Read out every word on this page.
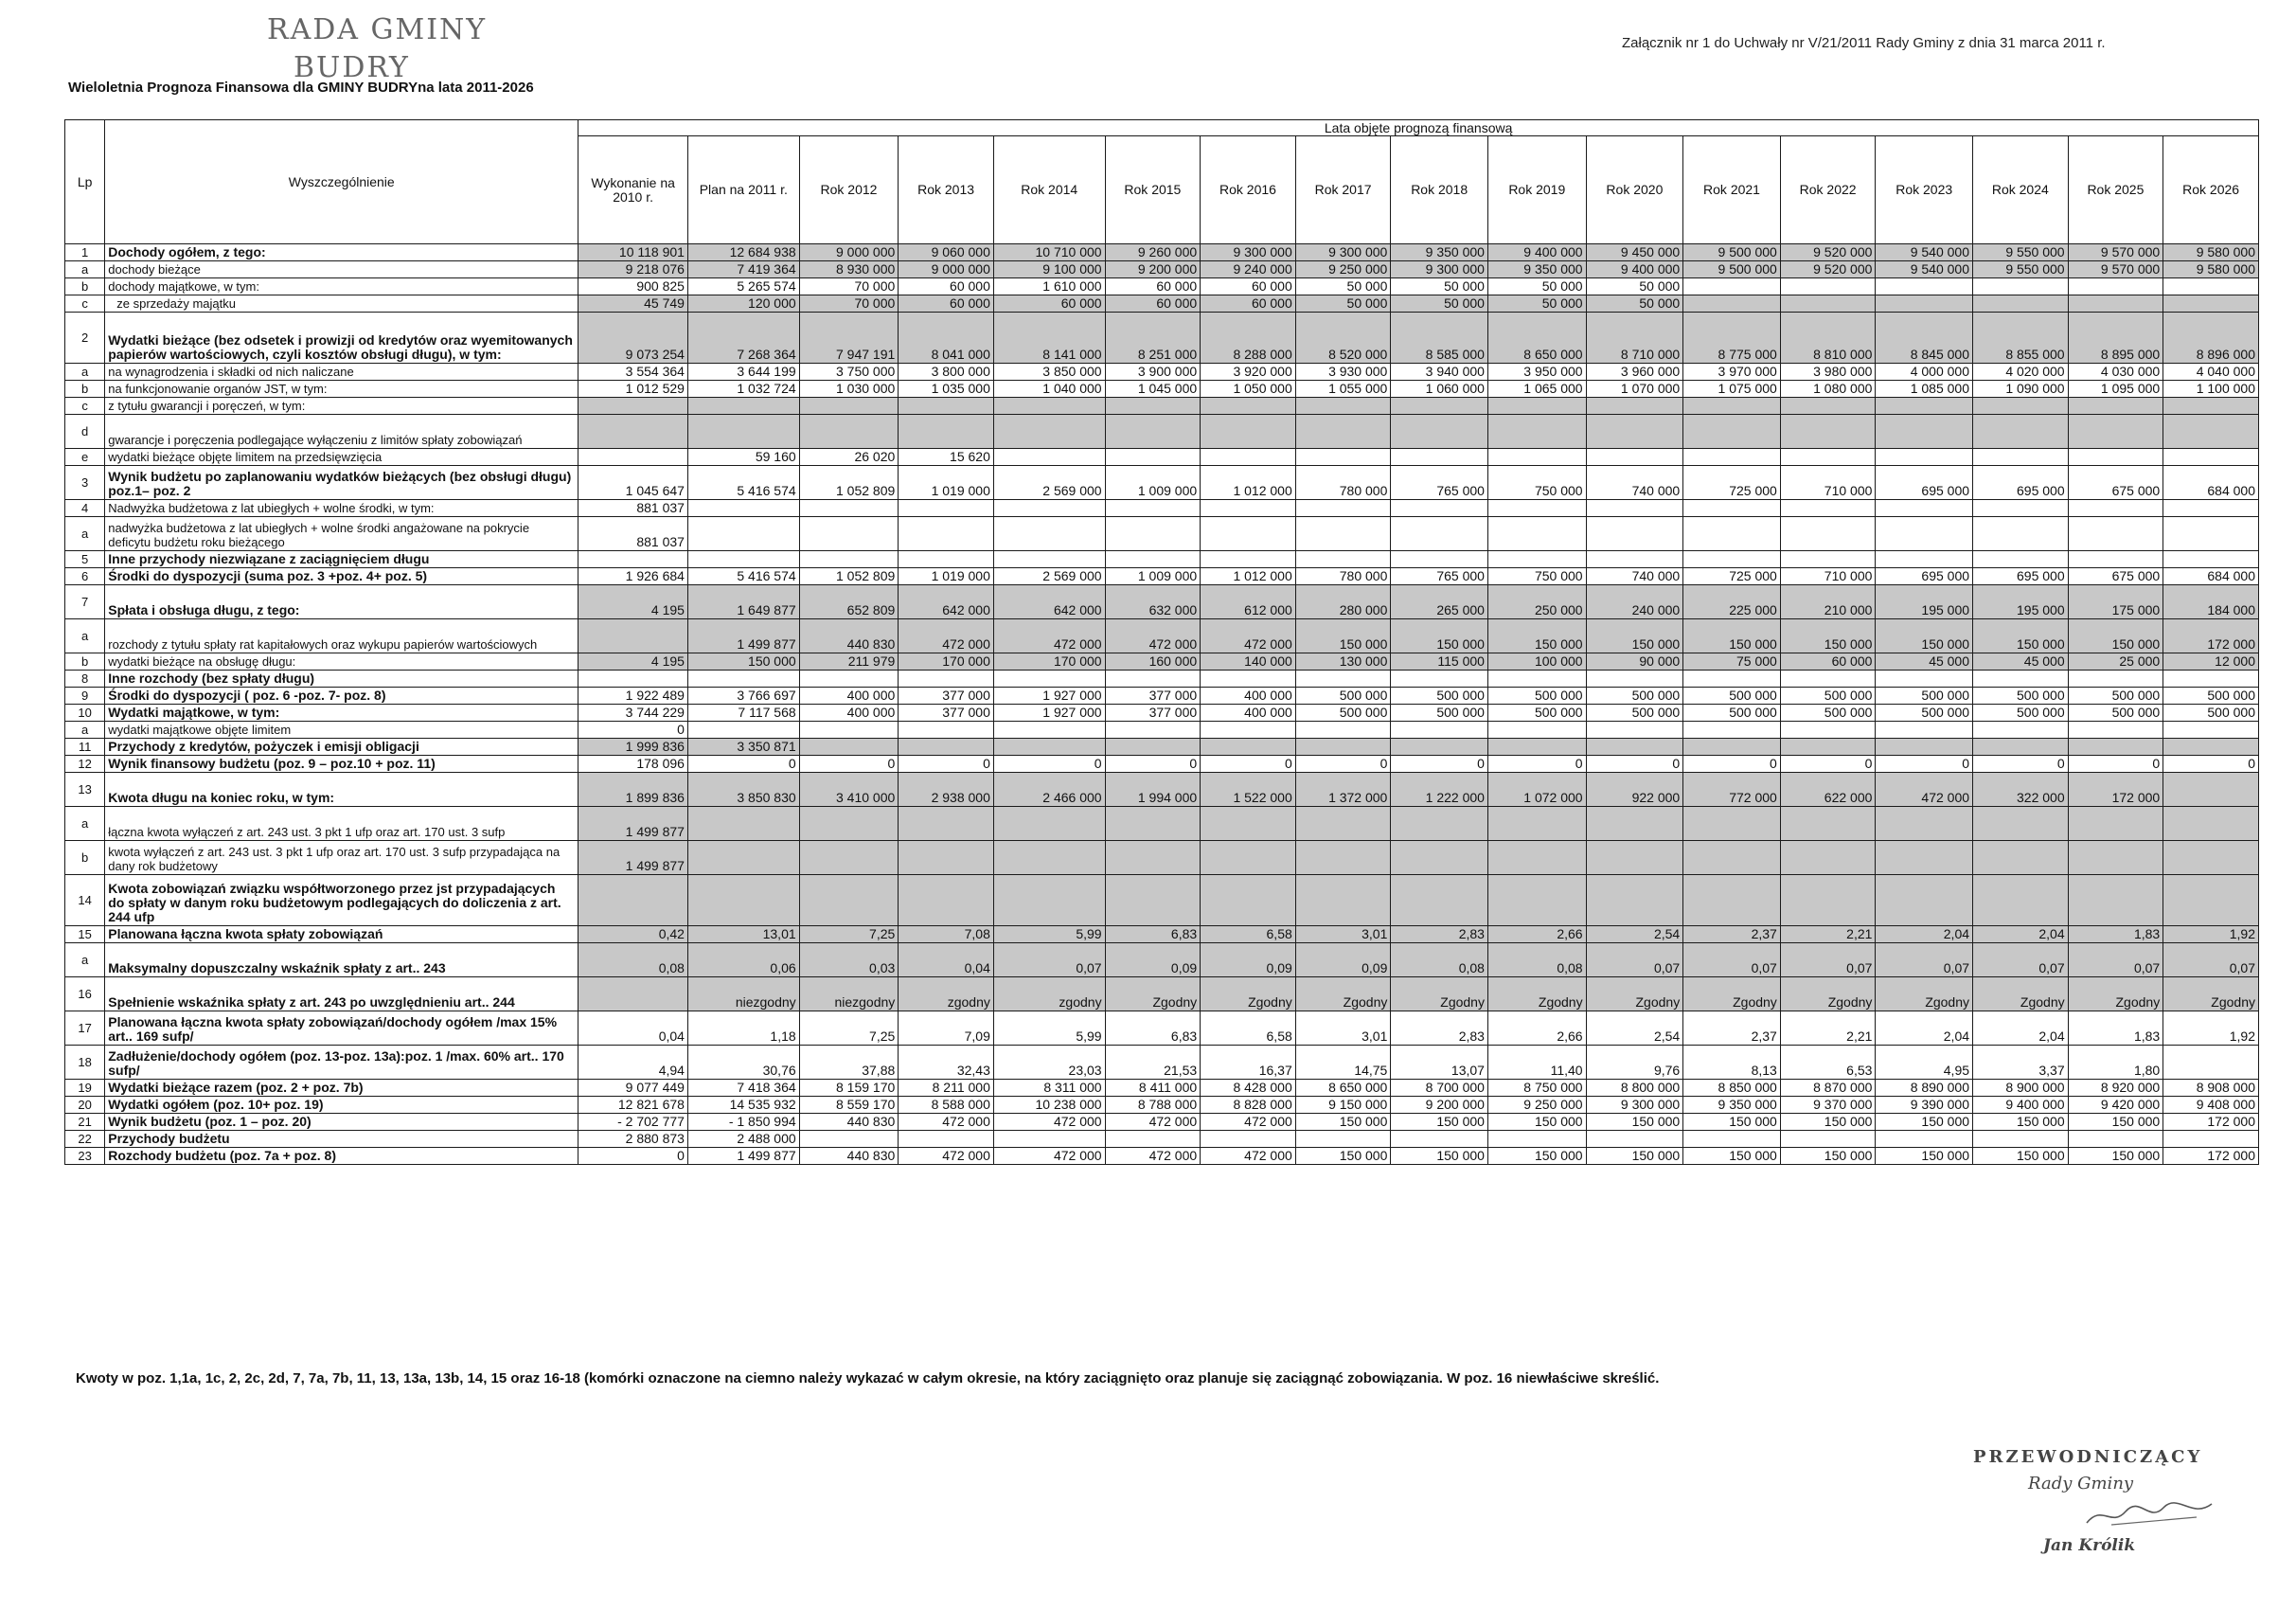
RADA GMINY
BUDRY
Wieloletnia Prognoza Finansowa dla GMINY BUDRYna lata 2011-2026
Załącznik nr 1 do Uchwały nr V/21/2011 Rady Gminy z dnia 31 marca 2011 r.
Lp	Wyszczególnienie	Lata objęte prognozą finansową																
		Wykonanie na 2010 r.	Plan na 2011 r.	Rok 2012	Rok 2013	Rok 2014	Rok 2015	Rok 2016	Rok 2017	Rok 2018	Rok 2019	Rok 2020	Rok 2021	Rok 2022	Rok 2023	Rok 2024	Rok 2025	Rok 2026
1	Dochody ogółem, z tego:	10 118 901	12 684 938	9 000 000	9 060 000	10 710 000	9 260 000	9 300 000	9 300 000	9 350 000	9 400 000	9 450 000	9 500 000	9 520 000	9 540 000	9 550 000	9 570 000	9 580 000
a	dochody bieżące	9 218 076	7 419 364	8 930 000	9 000 000	9 100 000	9 200 000	9 240 000	9 250 000	9 300 000	9 350 000	9 400 000	9 500 000	9 520 000	9 540 000	9 550 000	9 570 000	9 580 000
b	dochody majątkowe, w tym:	900 825	5 265 574	70 000	60 000	1 610 000	60 000	60 000	50 000	50 000	50 000	50 000						
c	ze sprzedaży majątku	45 749	120 000	70 000	60 000	60 000	60 000	60 000	50 000	50 000	50 000	50 000						
2	Wydatki bieżące (bez odsetek i prowizji od kredytów oraz wyemitowanych papierów wartościowych, czyli kosztów obsługi długu), w tym:	9 073 254	7 268 364	7 947 191	8 041 000	8 141 000	8 251 000	8 288 000	8 520 000	8 585 000	8 650 000	8 710 000	8 775 000	8 810 000	8 845 000	8 855 000	8 895 000	8 896 000
a	na wynagrodzenia i składki od nich naliczane	3 554 364	3 644 199	3 750 000	3 800 000	3 850 000	3 900 000	3 920 000	3 930 000	3 940 000	3 950 000	3 960 000	3 970 000	3 980 000	4 000 000	4 020 000	4 030 000	4 040 000
b	na funkcjonowanie organów JST, w tym:	1 012 529	1 032 724	1 030 000	1 035 000	1 040 000	1 045 000	1 050 000	1 055 000	1 060 000	1 065 000	1 070 000	1 075 000	1 080 000	1 085 000	1 090 000	1 095 000	1 100 000
c	z tytułu gwarancji i poręczeń, w tym:																	
d	gwarancje i poręczenia podlegające wyłączeniu z limitów spłaty zobowiązań																	
e	wydatki bieżące objęte limitem na przedsięwzięcia		59 160	26 020	15 620													
3	Wynik budżetu po zaplanowaniu wydatków bieżących (bez obsługi długu) poz.1– poz. 2	1 045 647	5 416 574	1 052 809	1 019 000	2 569 000	1 009 000	1 012 000	780 000	765 000	750 000	740 000	725 000	710 000	695 000	695 000	675 000	684 000
4	Nadwyżka budżetowa z lat ubiegłych + wolne środki, w tym:	881 037																
a	nadwyżka budżetowa z lat ubiegłych + wolne środki angażowane na pokrycie deficytu budżetu roku bieżącego	881 037																
5	Inne przychody niezwiązane z zaciągnięciem długu																	
6	Środki do dyspozycji (suma poz. 3 +poz. 4+ poz. 5)	1 926 684	5 416 574	1 052 809	1 019 000	2 569 000	1 009 000	1 012 000	780 000	765 000	750 000	740 000	725 000	710 000	695 000	695 000	675 000	684 000
7	Spłata i obsługa długu, z tego:	4 195	1 649 877	652 809	642 000	642 000	632 000	612 000	280 000	265 000	250 000	240 000	225 000	210 000	195 000	195 000	175 000	184 000
a	rozchody z tytułu spłaty rat kapitałowych oraz wykupu papierów wartościowych		1 499 877	440 830	472 000	472 000	472 000	472 000	150 000	150 000	150 000	150 000	150 000	150 000	150 000	150 000	150 000	172 000
b	wydatki bieżące na obsługę długu:	4 195	150 000	211 979	170 000	170 000	160 000	140 000	130 000	115 000	100 000	90 000	75 000	60 000	45 000	45 000	25 000	12 000
8	Inne rozchody (bez spłaty długu)																	
9	Środki do dyspozycji ( poz. 6 -poz. 7- poz. 8)	1 922 489	3 766 697	400 000	377 000	1 927 000	377 000	400 000	500 000	500 000	500 000	500 000	500 000	500 000	500 000	500 000	500 000	500 000
10	Wydatki majątkowe, w tym:	3 744 229	7 117 568	400 000	377 000	1 927 000	377 000	400 000	500 000	500 000	500 000	500 000	500 000	500 000	500 000	500 000	500 000	500 000
a	wydatki majątkowe objęte limitem	0																
11	Przychody z kredytów, pożyczek i emisji obligacji	1 999 836	3 350 871															
12	Wynik finansowy budżetu (poz. 9 – poz.10 + poz. 11)	178 096	0	0	0	0	0	0	0	0	0	0	0	0	0	0	0	0
13	Kwota długu na koniec roku, w tym:	1 899 836	3 850 830	3 410 000	2 938 000	2 466 000	1 994 000	1 522 000	1 372 000	1 222 000	1 072 000	922 000	772 000	622 000	472 000	322 000	172 000	
a	łączna kwota wyłączeń z art. 243 ust. 3 pkt 1 ufp oraz art. 170 ust. 3 sufp	1 499 877																
b	kwota wyłączeń z art. 243 ust. 3 pkt 1 ufp oraz art. 170 ust. 3 sufp przypadająca na dany rok budżetowy	1 499 877																
14	Kwota zobowiązań związku współtworzonego przez jst przypadających do spłaty w danym roku budżetowym podlegających do doliczenia z art. 244 ufp																	
15	Planowana łączna kwota spłaty zobowiązań	0,42	13,01	7,25	7,08	5,99	6,83	6,58	3,01	2,83	2,66	2,54	2,37	2,21	2,04	2,04	1,83	1,92
a	Maksymalny dopuszczalny wskaźnik spłaty z art.. 243	0,08	0,06	0,03	0,04	0,07	0,09	0,09	0,09	0,08	0,08	0,07	0,07	0,07	0,07	0,07	0,07	0,07
16	Spełnienie wskaźnika spłaty z art. 243 po uwzględnieniu art.. 244		niezgodny	niezgodny	zgodny	zgodny	Zgodny	Zgodny	Zgodny	Zgodny	Zgodny	Zgodny	Zgodny	Zgodny	Zgodny	Zgodny	Zgodny	Zgodny
17	Planowana łączna kwota spłaty zobowiązań/dochody ogółem /max 15% art.. 169 sufp/	0,04	1,18	7,25	7,09	5,99	6,83	6,58	3,01	2,83	2,66	2,54	2,37	2,21	2,04	2,04	1,83	1,92
18	Zadłużenie/dochody ogółem (poz. 13-poz. 13a):poz. 1 /max. 60% art.. 170 sufp/	4,94	30,76	37,88	32,43	23,03	21,53	16,37	14,75	13,07	11,40	9,76	8,13	6,53	4,95	3,37	1,80	
19	Wydatki bieżące razem (poz. 2 + poz. 7b)	9 077 449	7 418 364	8 159 170	8 211 000	8 311 000	8 411 000	8 428 000	8 650 000	8 700 000	8 750 000	8 800 000	8 850 000	8 870 000	8 890 000	8 900 000	8 920 000	8 908 000
20	Wydatki ogółem (poz. 10+ poz. 19)	12 821 678	14 535 932	8 559 170	8 588 000	10 238 000	8 788 000	8 828 000	9 150 000	9 200 000	9 250 000	9 300 000	9 350 000	9 370 000	9 390 000	9 400 000	9 420 000	9 408 000
21	Wynik budżetu (poz. 1 – poz. 20)	- 2 702 777	- 1 850 994	440 830	472 000	472 000	472 000	472 000	150 000	150 000	150 000	150 000	150 000	150 000	150 000	150 000	150 000	172 000
22	Przychody budżetu	2 880 873	2 488 000															
23	Rozchody budżetu (poz. 7a + poz. 8)	0	1 499 877	440 830	472 000	472 000	472 000	472 000	150 000	150 000	150 000	150 000	150 000	150 000	150 000	150 000	150 000	172 000
Kwoty w poz. 1,1a, 1c, 2, 2c, 2d, 7, 7a, 7b, 11, 13, 13a, 13b, 14, 15 oraz 16-18 (komórki oznaczone na ciemno należy wykazać w całym okresie, na który zaciągnięto oraz planuje się zaciągnąć zobowiązania. W poz. 16 niewłaściwe skreślić.
PRZEWODNICZĄCY
Rady Gminy
Jan Królik
